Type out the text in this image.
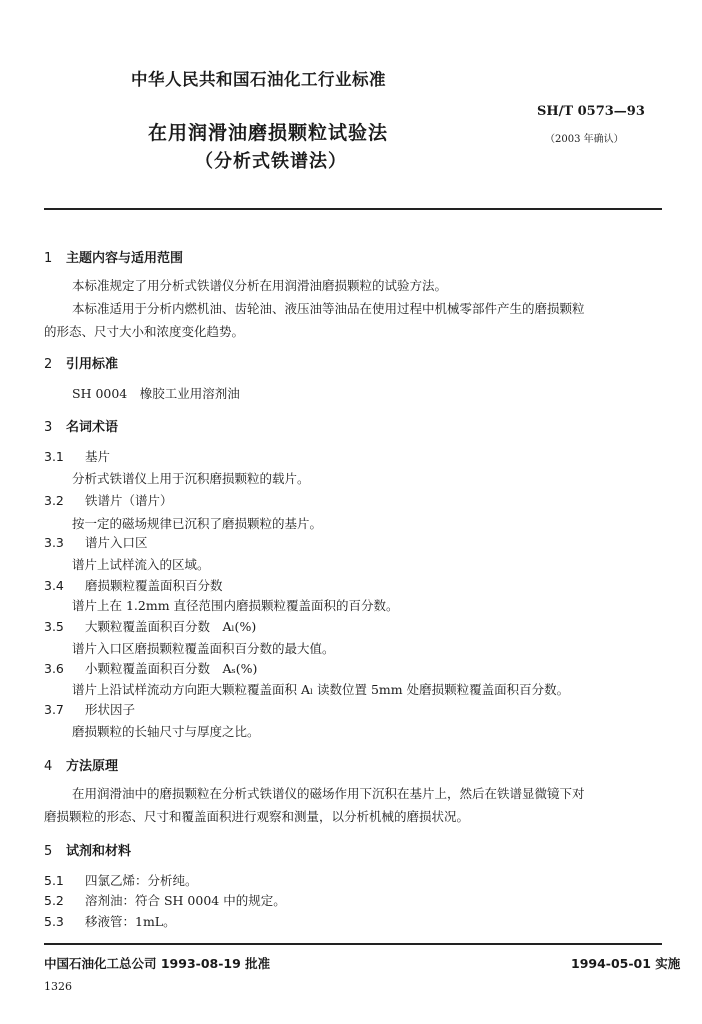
中华人民共和国石油化工行业标准
SH/T 0573—93
（2003 年确认）
在用润滑油磨损颗粒试验法
（分析式铁谱法）
1 主题内容与适用范围
本标准规定了用分析式铁谱仪分析在用润滑油磨损颗粒的试验方法。
本标准适用于分析内燃机油、齿轮油、液压油等油品在使用过程中机械零部件产生的磨损颗粒
的形态、尺寸大小和浓度变化趋势。
2 引用标准
SH 0004　橡胶工业用溶剂油
3 名词术语
3.1 基片
分析式铁谱仪上用于沉积磨损颗粒的载片。
3.2 铁谱片（谱片）
按一定的磁场规律已沉积了磨损颗粒的基片。
3.3 谱片入口区
谱片上试样流入的区域。
3.4 磨损颗粒覆盖面积百分数
谱片上在 1.2mm 直径范围内磨损颗粒覆盖面积的百分数。
3.5 大颗粒覆盖面积百分数　Aₗ(%)
谱片入口区磨损颗粒覆盖面积百分数的最大值。
3.6 小颗粒覆盖面积百分数　Aₛ(%)
谱片上沿试样流动方向距大颗粒覆盖面积 Aₗ 读数位置 5mm 处磨损颗粒覆盖面积百分数。
3.7 形状因子
磨损颗粒的长轴尺寸与厚度之比。
4 方法原理
在用润滑油中的磨损颗粒在分析式铁谱仪的磁场作用下沉积在基片上，然后在铁谱显微镜下对
磨损颗粒的形态、尺寸和覆盖面积进行观察和测量，以分析机械的磨损状况。
5 试剂和材料
5.1 四氯乙烯：分析纯。
5.2 溶剂油：符合 SH 0004 中的规定。
5.3 移液管：1mL。
中国石油化工总公司 1993-08-19 批准	1994-05-01 实施
1326
